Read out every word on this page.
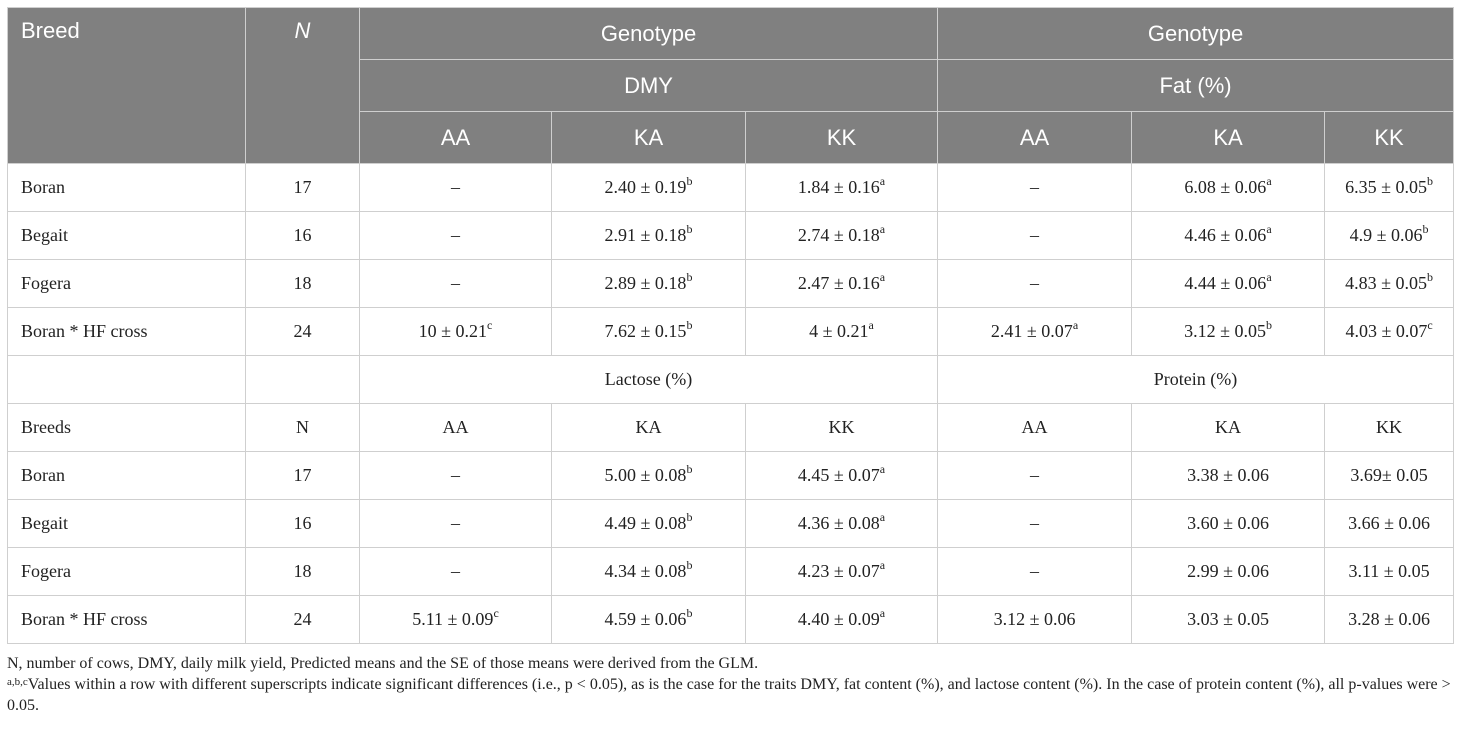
Breed	N	Genotype			Genotype		
		DMY			Fat (%)		
		AA	KA	KK	AA	KA	KK
Boran	17	–	2.40 ± 0.19$^b$	1.84 ± 0.16$^a$	–	6.08 ± 0.06$^a$	6.35 ± 0.05$^b$
Begait	16	–	2.91 ± 0.18$^b$	2.74 ± 0.18$^a$	–	4.46 ± 0.06$^a$	4.9 ± 0.06$^b$
Fogera	18	–	2.89 ± 0.18$^b$	2.47 ± 0.16$^a$	–	4.44 ± 0.06$^a$	4.83 ± 0.05$^b$
Boran * HF cross	24	10 ± 0.21$^c$	7.62 ± 0.15$^b$	4 ± 0.21$^a$	2.41 ± 0.07$^a$	3.12 ± 0.05$^b$	4.03 ± 0.07$^c$
		Lactose (%)			Protein (%)		
Breeds	N	AA	KA	KK	AA	KA	KK
Boran	17	–	5.00 ± 0.08$^b$	4.45 ± 0.07$^a$	–	3.38 ± 0.06	3.69± 0.05
Begait	16	–	4.49 ± 0.08$^b$	4.36 ± 0.08$^a$	–	3.60 ± 0.06	3.66 ± 0.06
Fogera	18	–	4.34 ± 0.08$^b$	4.23 ± 0.07$^a$	–	2.99 ± 0.06	3.11 ± 0.05
Boran * HF cross	24	5.11 ± 0.09$^c$	4.59 ± 0.06$^b$	4.40 ± 0.09$^a$	3.12 ± 0.06	3.03 ± 0.05	3.28 ± 0.06

N, number of cows, DMY, daily milk yield, Predicted means and the SE of those means were derived from the GLM.

$^{a,b,c}$Values within a row with different superscripts indicate significant differences (i.e., p < 0.05), as is the case for the traits DMY, fat content (%), and lactose content (%). In the case of protein content (%), all p-values were > 0.05.
